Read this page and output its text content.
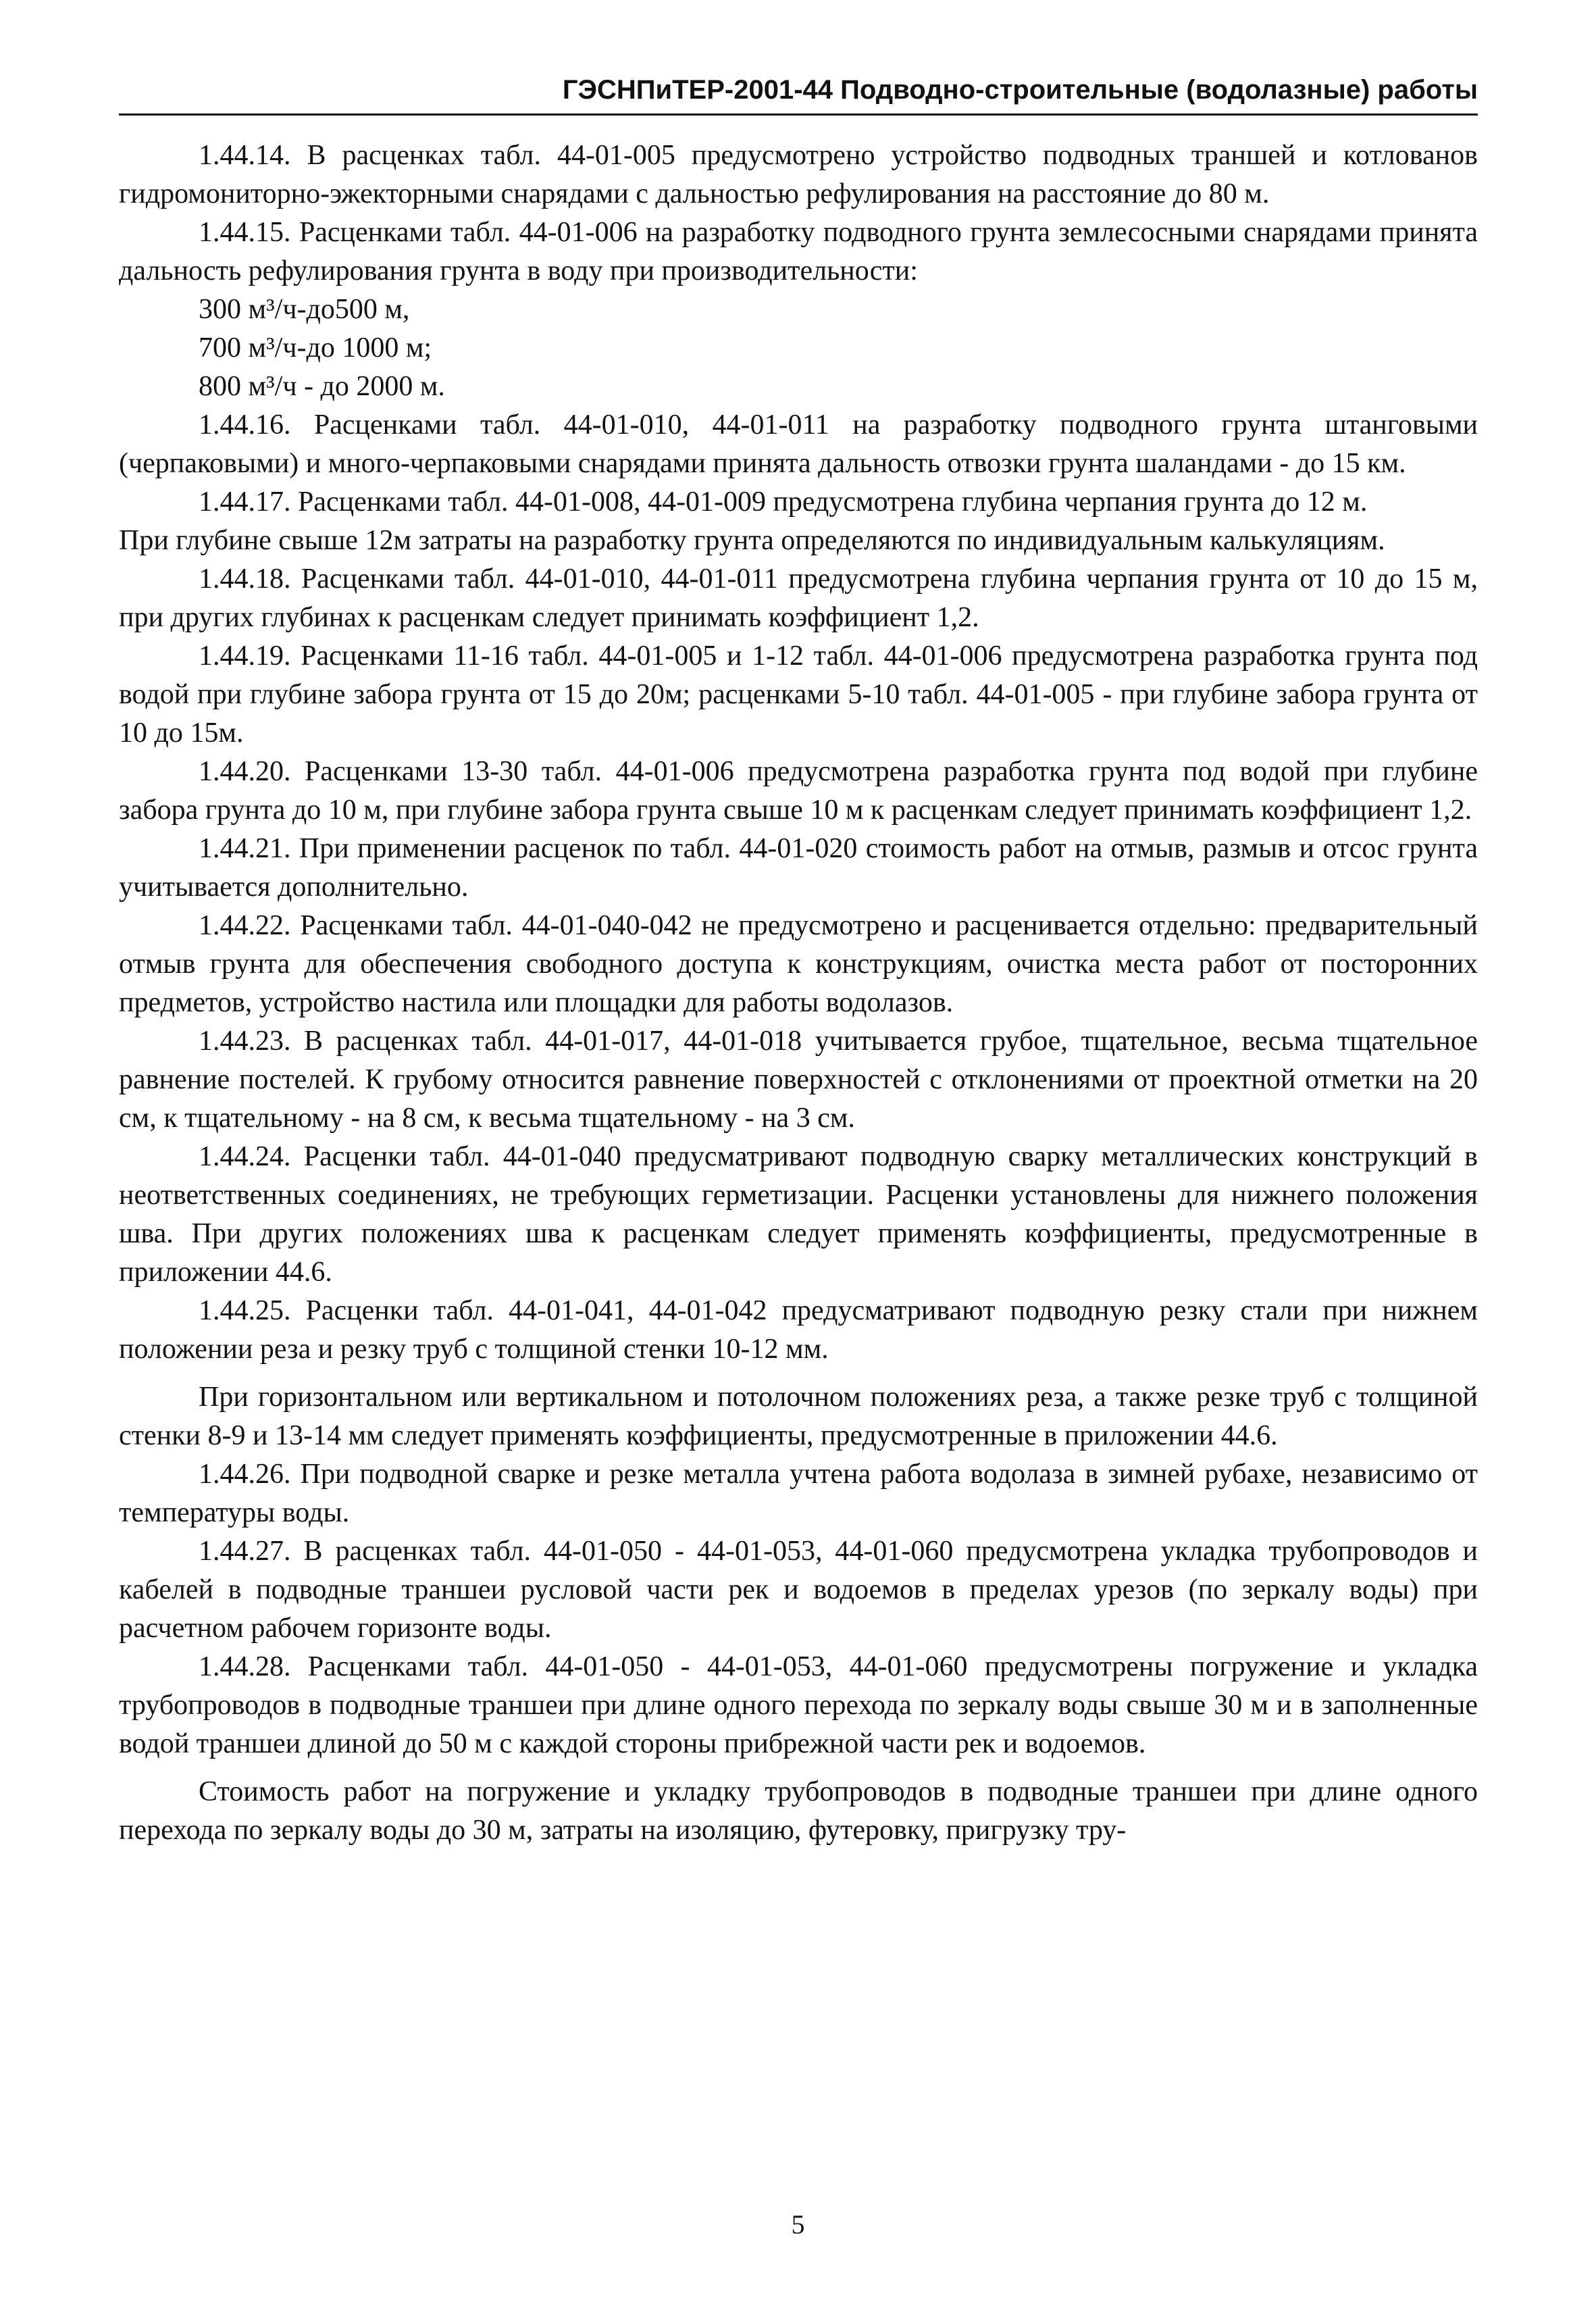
ГЭСНПиТЕР-2001-44 Подводно-строительные (водолазные) работы

1.44.14. В расценках табл. 44-01-005 предусмотрено устройство подводных траншей и котлованов гидромониторно-эжекторными снарядами с дальностью рефулирования на расстояние до 80 м.

1.44.15. Расценками табл. 44-01-006 на разработку подводного грунта землесосными снарядами принята дальность рефулирования грунта в воду при производительности:

300 м³/ч-до500 м,

700 м³/ч-до 1000 м;

800 м³/ч - до 2000 м.

1.44.16. Расценками табл. 44-01-010, 44-01-011 на разработку подводного грунта штанговыми (черпаковыми) и много-черпаковыми снарядами принята дальность отвозки грунта шаландами - до 15 км.

1.44.17. Расценками табл. 44-01-008, 44-01-009 предусмотрена глубина черпания грунта до 12 м.

При глубине свыше 12м затраты на разработку грунта определяются по индивидуальным калькуляциям.

1.44.18. Расценками табл. 44-01-010, 44-01-011 предусмотрена глубина черпания грунта от 10 до 15 м, при других глубинах к расценкам следует принимать коэффициент 1,2.

1.44.19. Расценками 11-16 табл. 44-01-005 и 1-12 табл. 44-01-006 предусмотрена разработка грунта под водой при глубине забора грунта от 15 до 20м; расценками 5-10 табл. 44-01-005 - при глубине забора грунта от 10 до 15м.

1.44.20. Расценками 13-30 табл. 44-01-006 предусмотрена разработка грунта под водой при глубине забора грунта до 10 м, при глубине забора грунта свыше 10 м к расценкам следует принимать коэффициент 1,2.

1.44.21. При применении расценок по табл. 44-01-020 стоимость работ на отмыв, размыв и отсос грунта учитывается дополнительно.

1.44.22. Расценками табл. 44-01-040-042 не предусмотрено и расценивается отдельно: предварительный отмыв грунта для обеспечения свободного доступа к конструкциям, очистка места работ от посторонних предметов, устройство настила или площадки для работы водолазов.

1.44.23. В расценках табл. 44-01-017, 44-01-018 учитывается грубое, тщательное, весьма тщательное равнение постелей. К грубому относится равнение поверхностей с отклонениями от проектной отметки на 20 см, к тщательному - на 8 см, к весьма тщательному - на 3 см.

1.44.24. Расценки табл. 44-01-040 предусматривают подводную сварку металлических конструкций в неответственных соединениях, не требующих герметизации. Расценки установлены для нижнего положения шва. При других положениях шва к расценкам следует применять коэффициенты, предусмотренные в приложении 44.6.

1.44.25. Расценки табл. 44-01-041, 44-01-042 предусматривают подводную резку стали при нижнем положении реза и резку труб с толщиной стенки 10-12 мм.

При горизонтальном или вертикальном и потолочном положениях реза, а также резке труб с толщиной стенки 8-9 и 13-14 мм следует применять коэффициенты, предусмотренные в приложении 44.6.

1.44.26. При подводной сварке и резке металла учтена работа водолаза в зимней рубахе, независимо от температуры воды.

1.44.27. В расценках табл. 44-01-050 - 44-01-053, 44-01-060 предусмотрена укладка трубопроводов и кабелей в подводные траншеи русловой части рек и водоемов в пределах урезов (по зеркалу воды) при расчетном рабочем горизонте воды.

1.44.28. Расценками табл. 44-01-050 - 44-01-053, 44-01-060 предусмотрены погружение и укладка трубопроводов в подводные траншеи при длине одного перехода по зеркалу воды свыше 30 м и в заполненные водой траншеи длиной до 50 м с каждой стороны прибрежной части рек и водоемов.

Стоимость работ на погружение и укладку трубопроводов в подводные траншеи при длине одного перехода по зеркалу воды до 30 м, затраты на изоляцию, футеровку, пригрузку тру-

5
